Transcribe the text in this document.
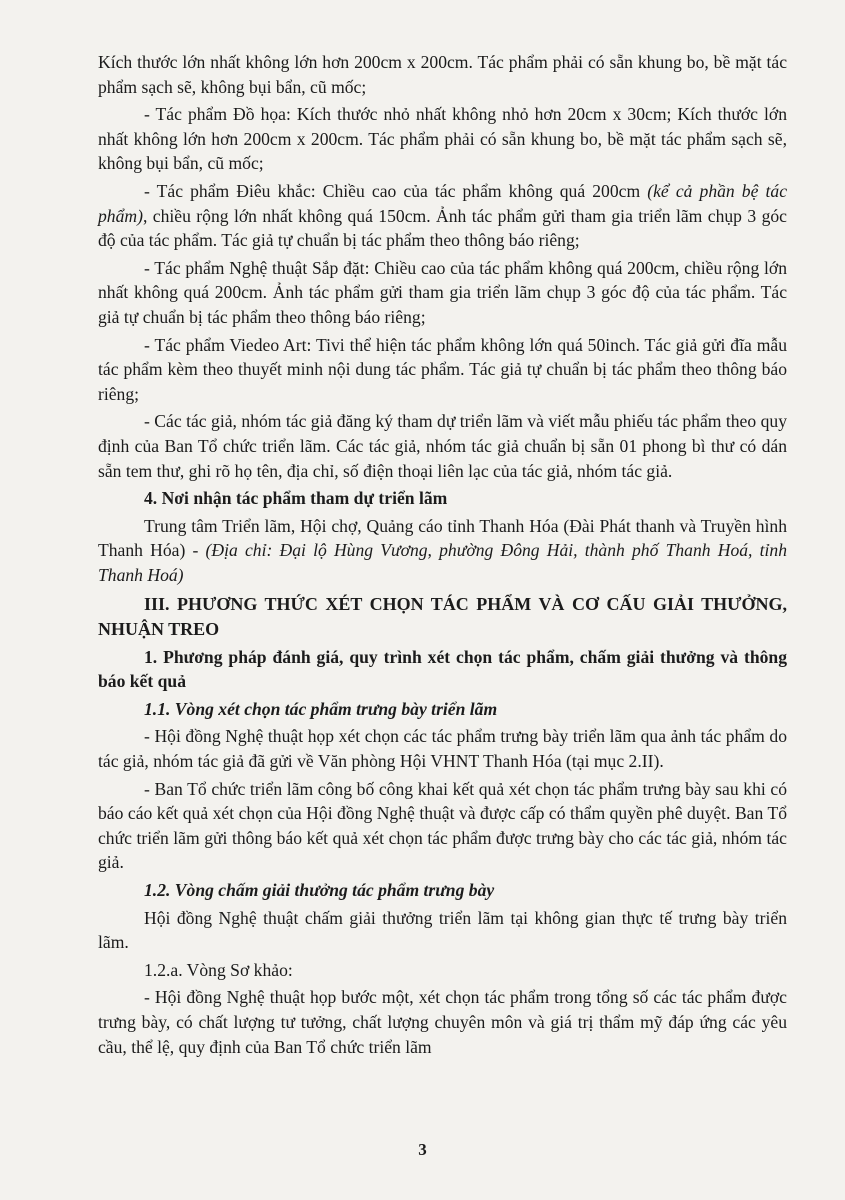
Kích thước lớn nhất không lớn hơn 200cm x 200cm. Tác phẩm phải có sẵn khung bo, bề mặt tác phẩm sạch sẽ, không bụi bẩn, cũ mốc;

- Tác phẩm Đồ họa: Kích thước nhỏ nhất không nhỏ hơn 20cm x 30cm; Kích thước lớn nhất không lớn hơn 200cm x 200cm. Tác phẩm phải có sẵn khung bo, bề mặt tác phẩm sạch sẽ, không bụi bẩn, cũ mốc;

- Tác phẩm Điêu khắc: Chiều cao của tác phẩm không quá 200cm (kể cả phần bệ tác phẩm), chiều rộng lớn nhất không quá 150cm. Ảnh tác phẩm gửi tham gia triển lãm chụp 3 góc độ của tác phẩm. Tác giả tự chuẩn bị tác phẩm theo thông báo riêng;

- Tác phẩm Nghệ thuật Sắp đặt: Chiều cao của tác phẩm không quá 200cm, chiều rộng lớn nhất không quá 200cm. Ảnh tác phẩm gửi tham gia triển lãm chụp 3 góc độ của tác phẩm. Tác giả tự chuẩn bị tác phẩm theo thông báo riêng;

- Tác phẩm Viedeo Art: Tivi thể hiện tác phẩm không lớn quá 50inch. Tác giả gửi đĩa mẫu tác phẩm kèm theo thuyết minh nội dung tác phẩm. Tác giả tự chuẩn bị tác phẩm theo thông báo riêng;

- Các tác giả, nhóm tác giả đăng ký tham dự triển lãm và viết mẫu phiếu tác phẩm theo quy định của Ban Tổ chức triển lãm. Các tác giả, nhóm tác giả chuẩn bị sẵn 01 phong bì thư có dán sẵn tem thư, ghi rõ họ tên, địa chỉ, số điện thoại liên lạc của tác giả, nhóm tác giả.

4. Nơi nhận tác phẩm tham dự triển lãm

Trung tâm Triển lãm, Hội chợ, Quảng cáo tỉnh Thanh Hóa (Đài Phát thanh và Truyền hình Thanh Hóa) - (Địa chỉ: Đại lộ Hùng Vương, phường Đông Hải, thành phố Thanh Hoá, tỉnh Thanh Hoá)

III. PHƯƠNG THỨC XÉT CHỌN TÁC PHẨM VÀ CƠ CẤU GIẢI THƯỞNG, NHUẬN TREO

1. Phương pháp đánh giá, quy trình xét chọn tác phẩm, chấm giải thưởng và thông báo kết quả

1.1. Vòng xét chọn tác phẩm trưng bày triển lãm

- Hội đồng Nghệ thuật họp xét chọn các tác phẩm trưng bày triển lãm qua ảnh tác phẩm do tác giả, nhóm tác giả đã gửi về Văn phòng Hội VHNT Thanh Hóa (tại mục 2.II).

- Ban Tổ chức triển lãm công bố công khai kết quả xét chọn tác phẩm trưng bày sau khi có báo cáo kết quả xét chọn của Hội đồng Nghệ thuật và được cấp có thẩm quyền phê duyệt. Ban Tổ chức triển lãm gửi thông báo kết quả xét chọn tác phẩm được trưng bày cho các tác giả, nhóm tác giả.

1.2. Vòng chấm giải thưởng tác phẩm trưng bày

Hội đồng Nghệ thuật chấm giải thưởng triển lãm tại không gian thực tế trưng bày triển lãm.

1.2.a. Vòng Sơ khảo:

- Hội đồng Nghệ thuật họp bước một, xét chọn tác phẩm trong tổng số các tác phẩm được trưng bày, có chất lượng tư tưởng, chất lượng chuyên môn và giá trị thẩm mỹ đáp ứng các yêu cầu, thể lệ, quy định của Ban Tổ chức triển lãm

3
